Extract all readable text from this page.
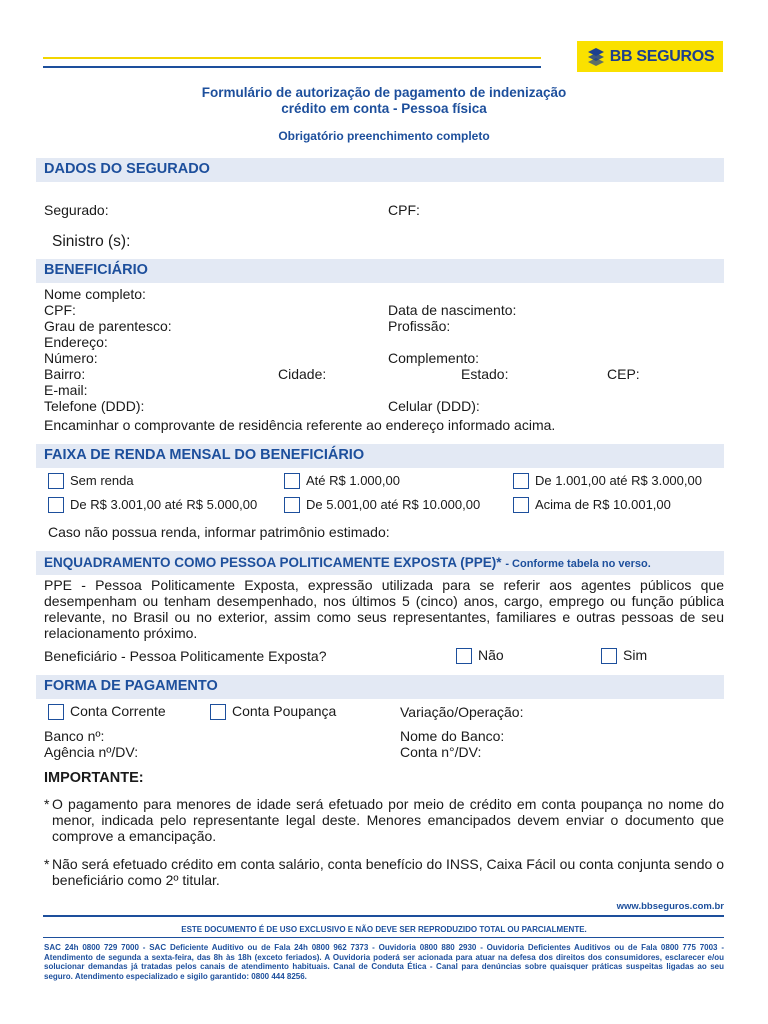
BB SEGUROS
Formulário de autorização de pagamento de indenização
crédito em conta - Pessoa física
Obrigatório preenchimento completo
DADOS DO SEGURADO
Segurado:	CPF:
Sinistro (s):
BENEFICIÁRIO
Nome completo:
CPF:	Data de nascimento:
Grau de parentesco:	Profissão:
Endereço:
Número:	Complemento:
Bairro:	Cidade:	Estado:	CEP:
E-mail:
Telefone (DDD):	Celular (DDD):
Encaminhar o comprovante de residência referente ao endereço informado acima.
FAIXA DE RENDA MENSAL DO BENEFICIÁRIO
Sem renda	Até R$ 1.000,00	De 1.001,00 até R$ 3.000,00
De R$ 3.001,00 até R$ 5.000,00	De 5.001,00 até R$ 10.000,00	Acima de R$ 10.001,00
Caso não possua renda, informar patrimônio estimado:
ENQUADRAMENTO COMO PESSOA POLITICAMENTE EXPOSTA (PPE)* - Conforme tabela no verso.
PPE - Pessoa Politicamente Exposta, expressão utilizada para se referir aos agentes públicos que desempenham ou tenham desempenhado, nos últimos 5 (cinco) anos, cargo, emprego ou função pública relevante, no Brasil ou no exterior, assim como seus representantes, familiares e outras pessoas de seu relacionamento próximo.
Beneficiário - Pessoa Politicamente Exposta?	Não	Sim
FORMA DE PAGAMENTO
Conta Corrente	Conta Poupança	Variação/Operação:
Banco nº:	Nome do Banco:
Agência nº/DV:	Conta n°/DV:
IMPORTANTE:
* O pagamento para menores de idade será efetuado por meio de crédito em conta poupança no nome do menor, indicada pelo representante legal deste. Menores emancipados devem enviar o documento que comprove a emancipação.
* Não será efetuado crédito em conta salário, conta benefício do INSS, Caixa Fácil ou conta conjunta sendo o beneficiário como 2º titular.
www.bbseguros.com.br
ESTE DOCUMENTO É DE USO EXCLUSIVO E NÃO DEVE SER REPRODUZIDO TOTAL OU PARCIALMENTE.
SAC 24h 0800 729 7000 - SAC Deficiente Auditivo ou de Fala 24h 0800 962 7373 - Ouvidoria 0800 880 2930 - Ouvidoria Deficientes Auditivos ou de Fala 0800 775 7003 - Atendimento de segunda a sexta-feira, das 8h às 18h (exceto feriados). A Ouvidoria poderá ser acionada para atuar na defesa dos direitos dos consumidores, esclarecer e/ou solucionar demandas já tratadas pelos canais de atendimento habituais. Canal de Conduta Ética - Canal para denúncias sobre quaisquer práticas suspeitas ligadas ao seu seguro. Atendimento especializado e sigilo garantido: 0800 444 8256.
